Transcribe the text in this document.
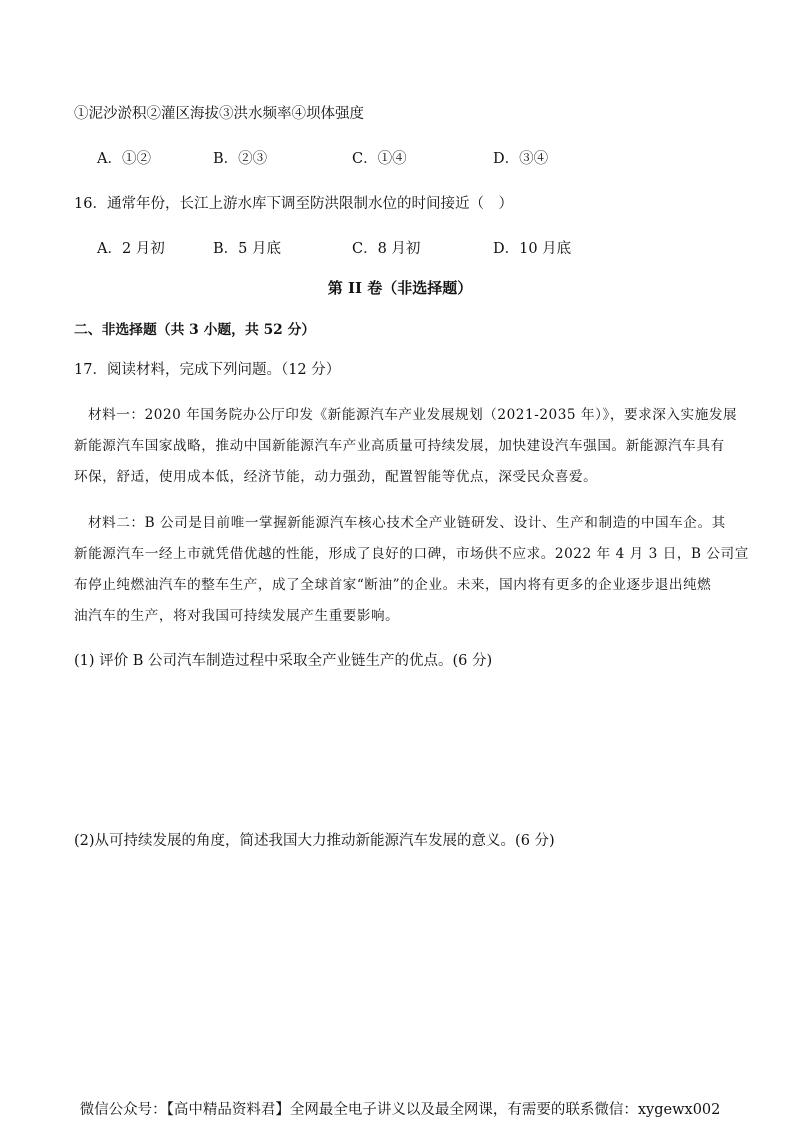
①泥沙淤积②灌区海拔③洪水频率④坝体强度
A．①②	B．②③	C．①④	D．③④
16．通常年份，长江上游水库下调至防洪限制水位的时间接近（　）
A．2 月初	B．5 月底	C．8 月初	D．10 月底
第 II 卷（非选择题）
二、非选择题（共 3 小题，共 52 分）
17．阅读材料，完成下列问题。（12 分）
材料一：2020 年国务院办公厅印发《新能源汽车产业发展规划（2021-2035 年）》，要求深入实施发展
新能源汽车国家战略，推动中国新能源汽车产业高质量可持续发展，加快建设汽车强国。新能源汽车具有
环保，舒适，使用成本低，经济节能，动力强劲，配置智能等优点，深受民众喜爱。
材料二：B 公司是目前唯一掌握新能源汽车核心技术全产业链研发、设计、生产和制造的中国车企。其
新能源汽车一经上市就凭借优越的性能，形成了良好的口碑，市场供不应求。2022 年 4 月 3 日，B 公司宣
布停止纯燃油汽车的整车生产，成了全球首家“断油”的企业。未来，国内将有更多的企业逐步退出纯燃
油汽车的生产，将对我国可持续发展产生重要影响。
(1) 评价 B 公司汽车制造过程中采取全产业链生产的优点。(6 分)
(2)从可持续发展的角度，简述我国大力推动新能源汽车发展的意义。(6 分)
微信公众号：【高中精品资料君】全网最全电子讲义以及最全网课，有需要的联系微信：xygewx002
